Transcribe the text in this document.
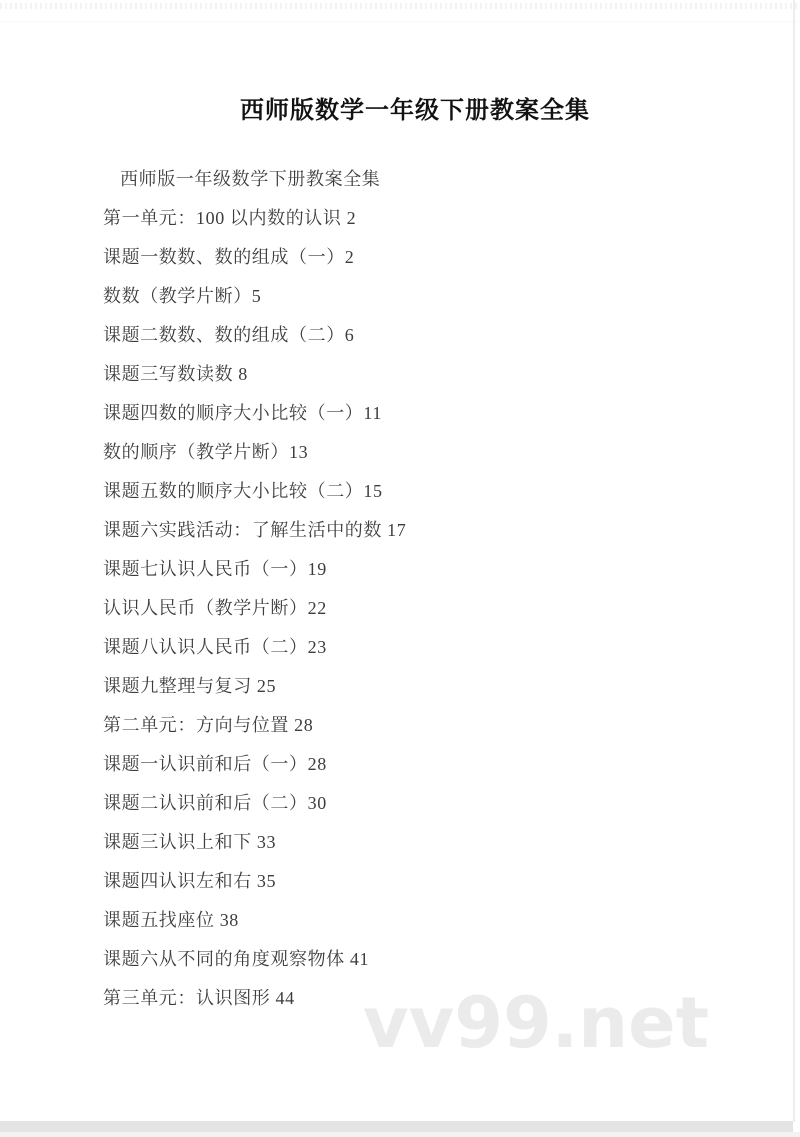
西师版数学一年级下册教案全集
西师版一年级数学下册教案全集
第一单元：100 以内数的认识 2
课题一数数、数的组成（一）2
数数（教学片断）5
课题二数数、数的组成（二）6
课题三写数读数 8
课题四数的顺序大小比较（一）11
数的顺序（教学片断）13
课题五数的顺序大小比较（二）15
课题六实践活动：了解生活中的数 17
课题七认识人民币（一）19
认识人民币（教学片断）22
课题八认识人民币（二）23
课题九整理与复习 25
第二单元：方向与位置 28
课题一认识前和后（一）28
课题二认识前和后（二）30
课题三认识上和下 33
课题四认识左和右 35
课题五找座位 38
课题六从不同的角度观察物体 41
第三单元：认识图形 44 vv99.net
